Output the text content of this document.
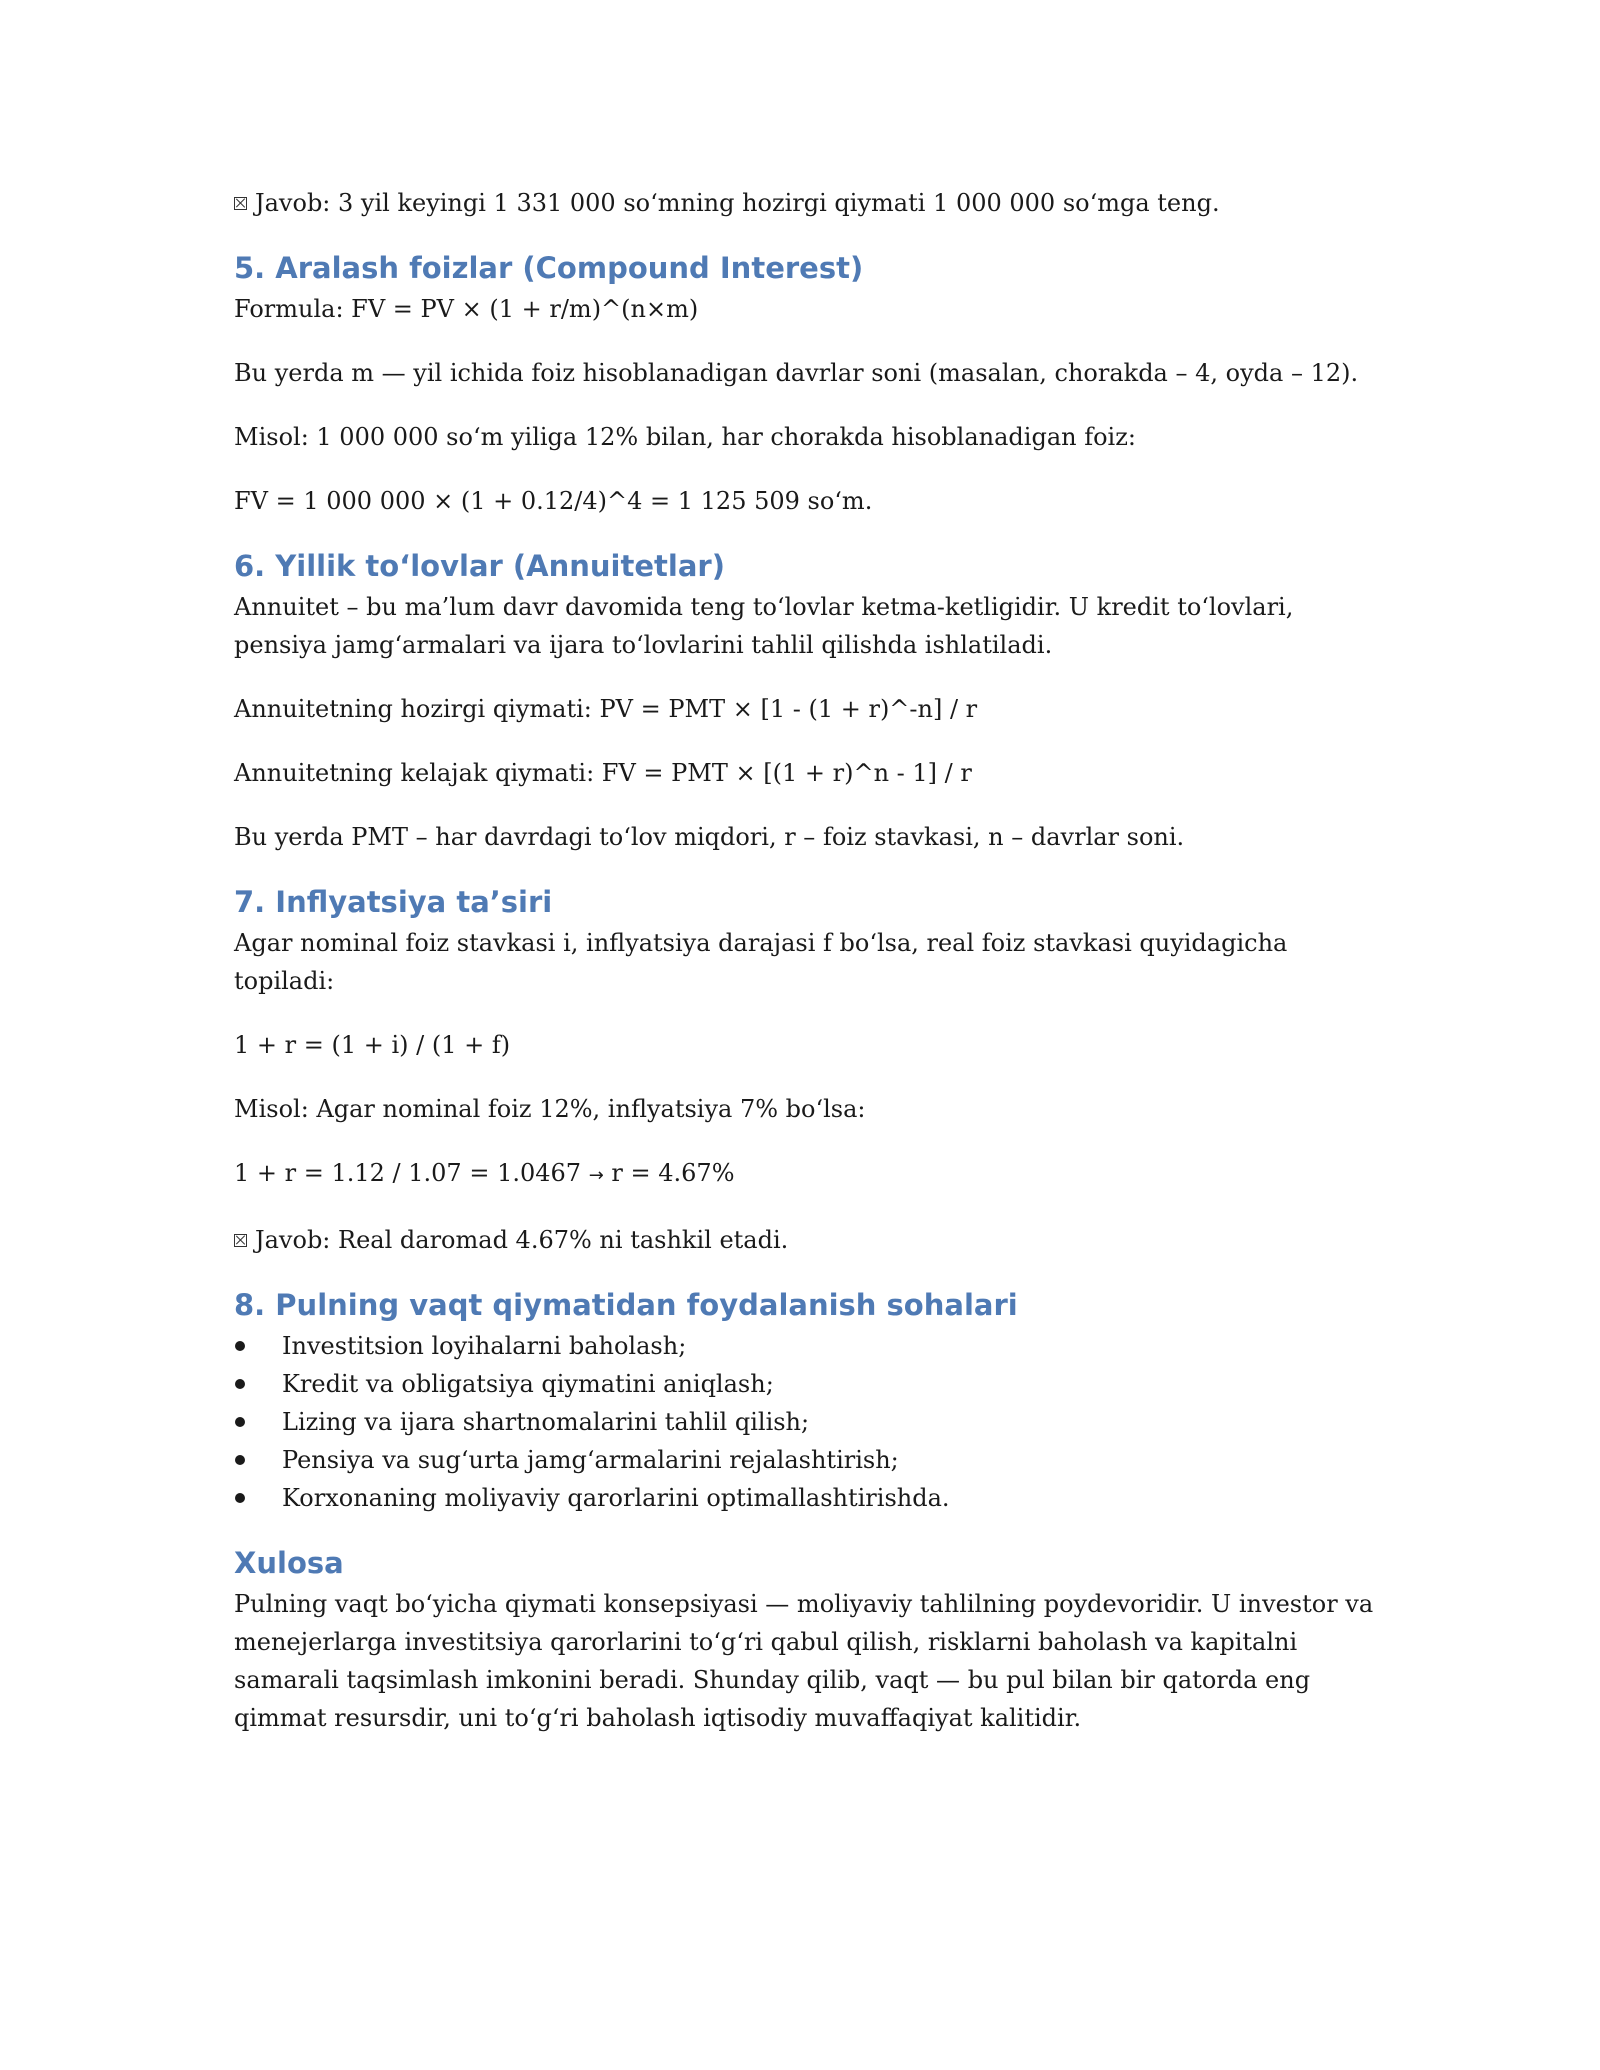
Javob: 3 yil keyingi 1 331 000 so‘mning hozirgi qiymati 1 000 000 so‘mga teng.

5. Aralash foizlar (Compound Interest)

Formula: FV = PV × (1 + r/m)^(n×m)

Bu yerda m — yil ichida foiz hisoblanadigan davrlar soni (masalan, chorakda – 4, oyda – 12).

Misol: 1 000 000 so‘m yiliga 12% bilan, har chorakda hisoblanadigan foiz:

FV = 1 000 000 × (1 + 0.12/4)^4 = 1 125 509 so‘m.

6. Yillik to‘lovlar (Annuitetlar)

Annuitet – bu ma’lum davr davomida teng to‘lovlar ketma-ketligidir. U kredit to‘lovlari, pensiya jamg‘armalari va ijara to‘lovlarini tahlil qilishda ishlatiladi.

Annuitetning hozirgi qiymati: PV = PMT × [1 - (1 + r)^-n] / r

Annuitetning kelajak qiymati: FV = PMT × [(1 + r)^n - 1] / r

Bu yerda PMT – har davrdagi to‘lov miqdori, r – foiz stavkasi, n – davrlar soni.

7. Inflyatsiya ta’siri

Agar nominal foiz stavkasi i, inflyatsiya darajasi f bo‘lsa, real foiz stavkasi quyidagicha topiladi:

1 + r = (1 + i) / (1 + f)

Misol: Agar nominal foiz 12%, inflyatsiya 7% bo‘lsa:

1 + r = 1.12 / 1.07 = 1.0467 → r = 4.67%

Javob: Real daromad 4.67% ni tashkil etadi.

8. Pulning vaqt qiymatidan foydalanish sohalari
Investitsion loyihalarni baholash;
Kredit va obligatsiya qiymatini aniqlash;
Lizing va ijara shartnomalarini tahlil qilish;
Pensiya va sug‘urta jamg‘armalarini rejalashtirish;
Korxonaning moliyaviy qarorlarini optimallashtirishda.
Xulosa

Pulning vaqt bo‘yicha qiymati konsepsiyasi — moliyaviy tahlilning poydevoridir. U investor va menejerlarga investitsiya qarorlarini to‘g‘ri qabul qilish, risklarni baholash va kapitalni samarali taqsimlash imkonini beradi. Shunday qilib, vaqt — bu pul bilan bir qatorda eng qimmat resursdir, uni to‘g‘ri baholash iqtisodiy muvaffaqiyat kalitidir.
